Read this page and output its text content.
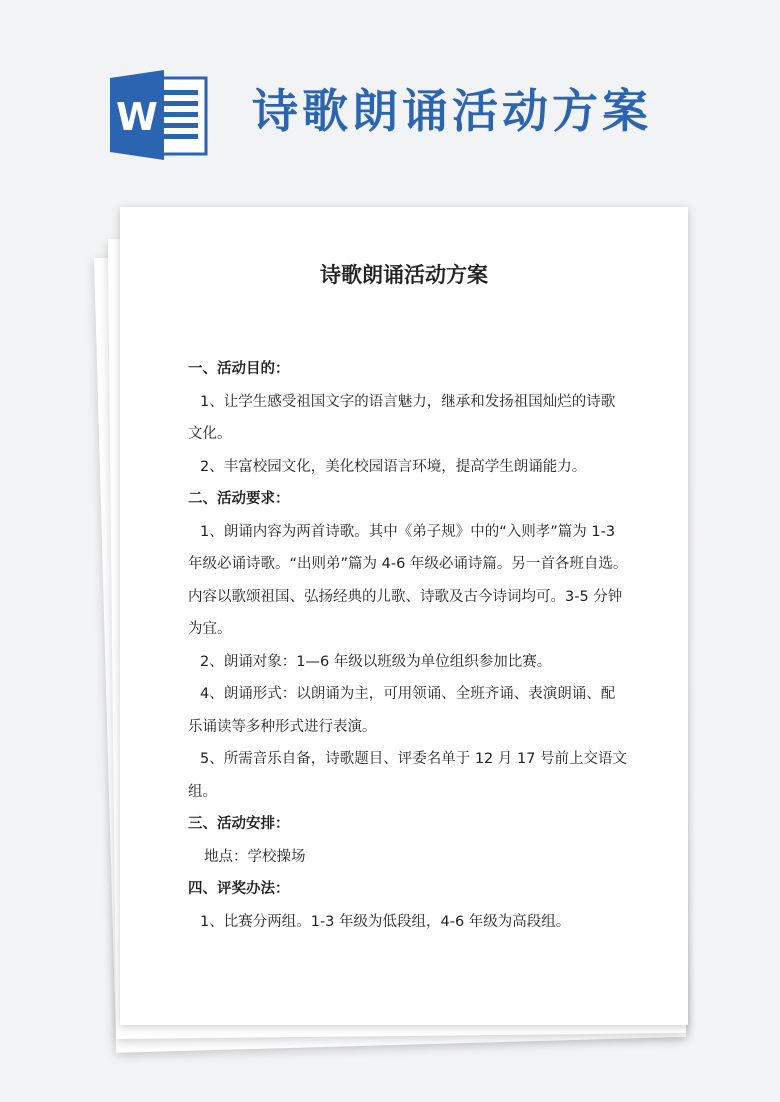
W 诗歌朗诵活动方案
诗歌朗诵活动方案

一、活动目的：

1、让学生感受祖国文字的语言魅力，继承和发扬祖国灿烂的诗歌文化。

2、丰富校园文化，美化校园语言环境，提高学生朗诵能力。

二、活动要求：

1、朗诵内容为两首诗歌。其中《弟子规》中的“入则孝”篇为 1-3 年级必诵诗歌。“出则弟”篇为 4-6 年级必诵诗篇。另一首各班自选。内容以歌颂祖国、弘扬经典的儿歌、诗歌及古今诗词均可。3-5 分钟为宜。

2、朗诵对象：1—6 年级以班级为单位组织参加比赛。

4、朗诵形式：以朗诵为主，可用领诵、全班齐诵、表演朗诵、配乐诵读等多种形式进行表演。

5、所需音乐自备，诗歌题目、评委名单于 12 月 17 号前上交语文组。

三、活动安排：

地点：学校操场

四、评奖办法：

1、比赛分两组。1-3 年级为低段组，4-6 年级为高段组。
